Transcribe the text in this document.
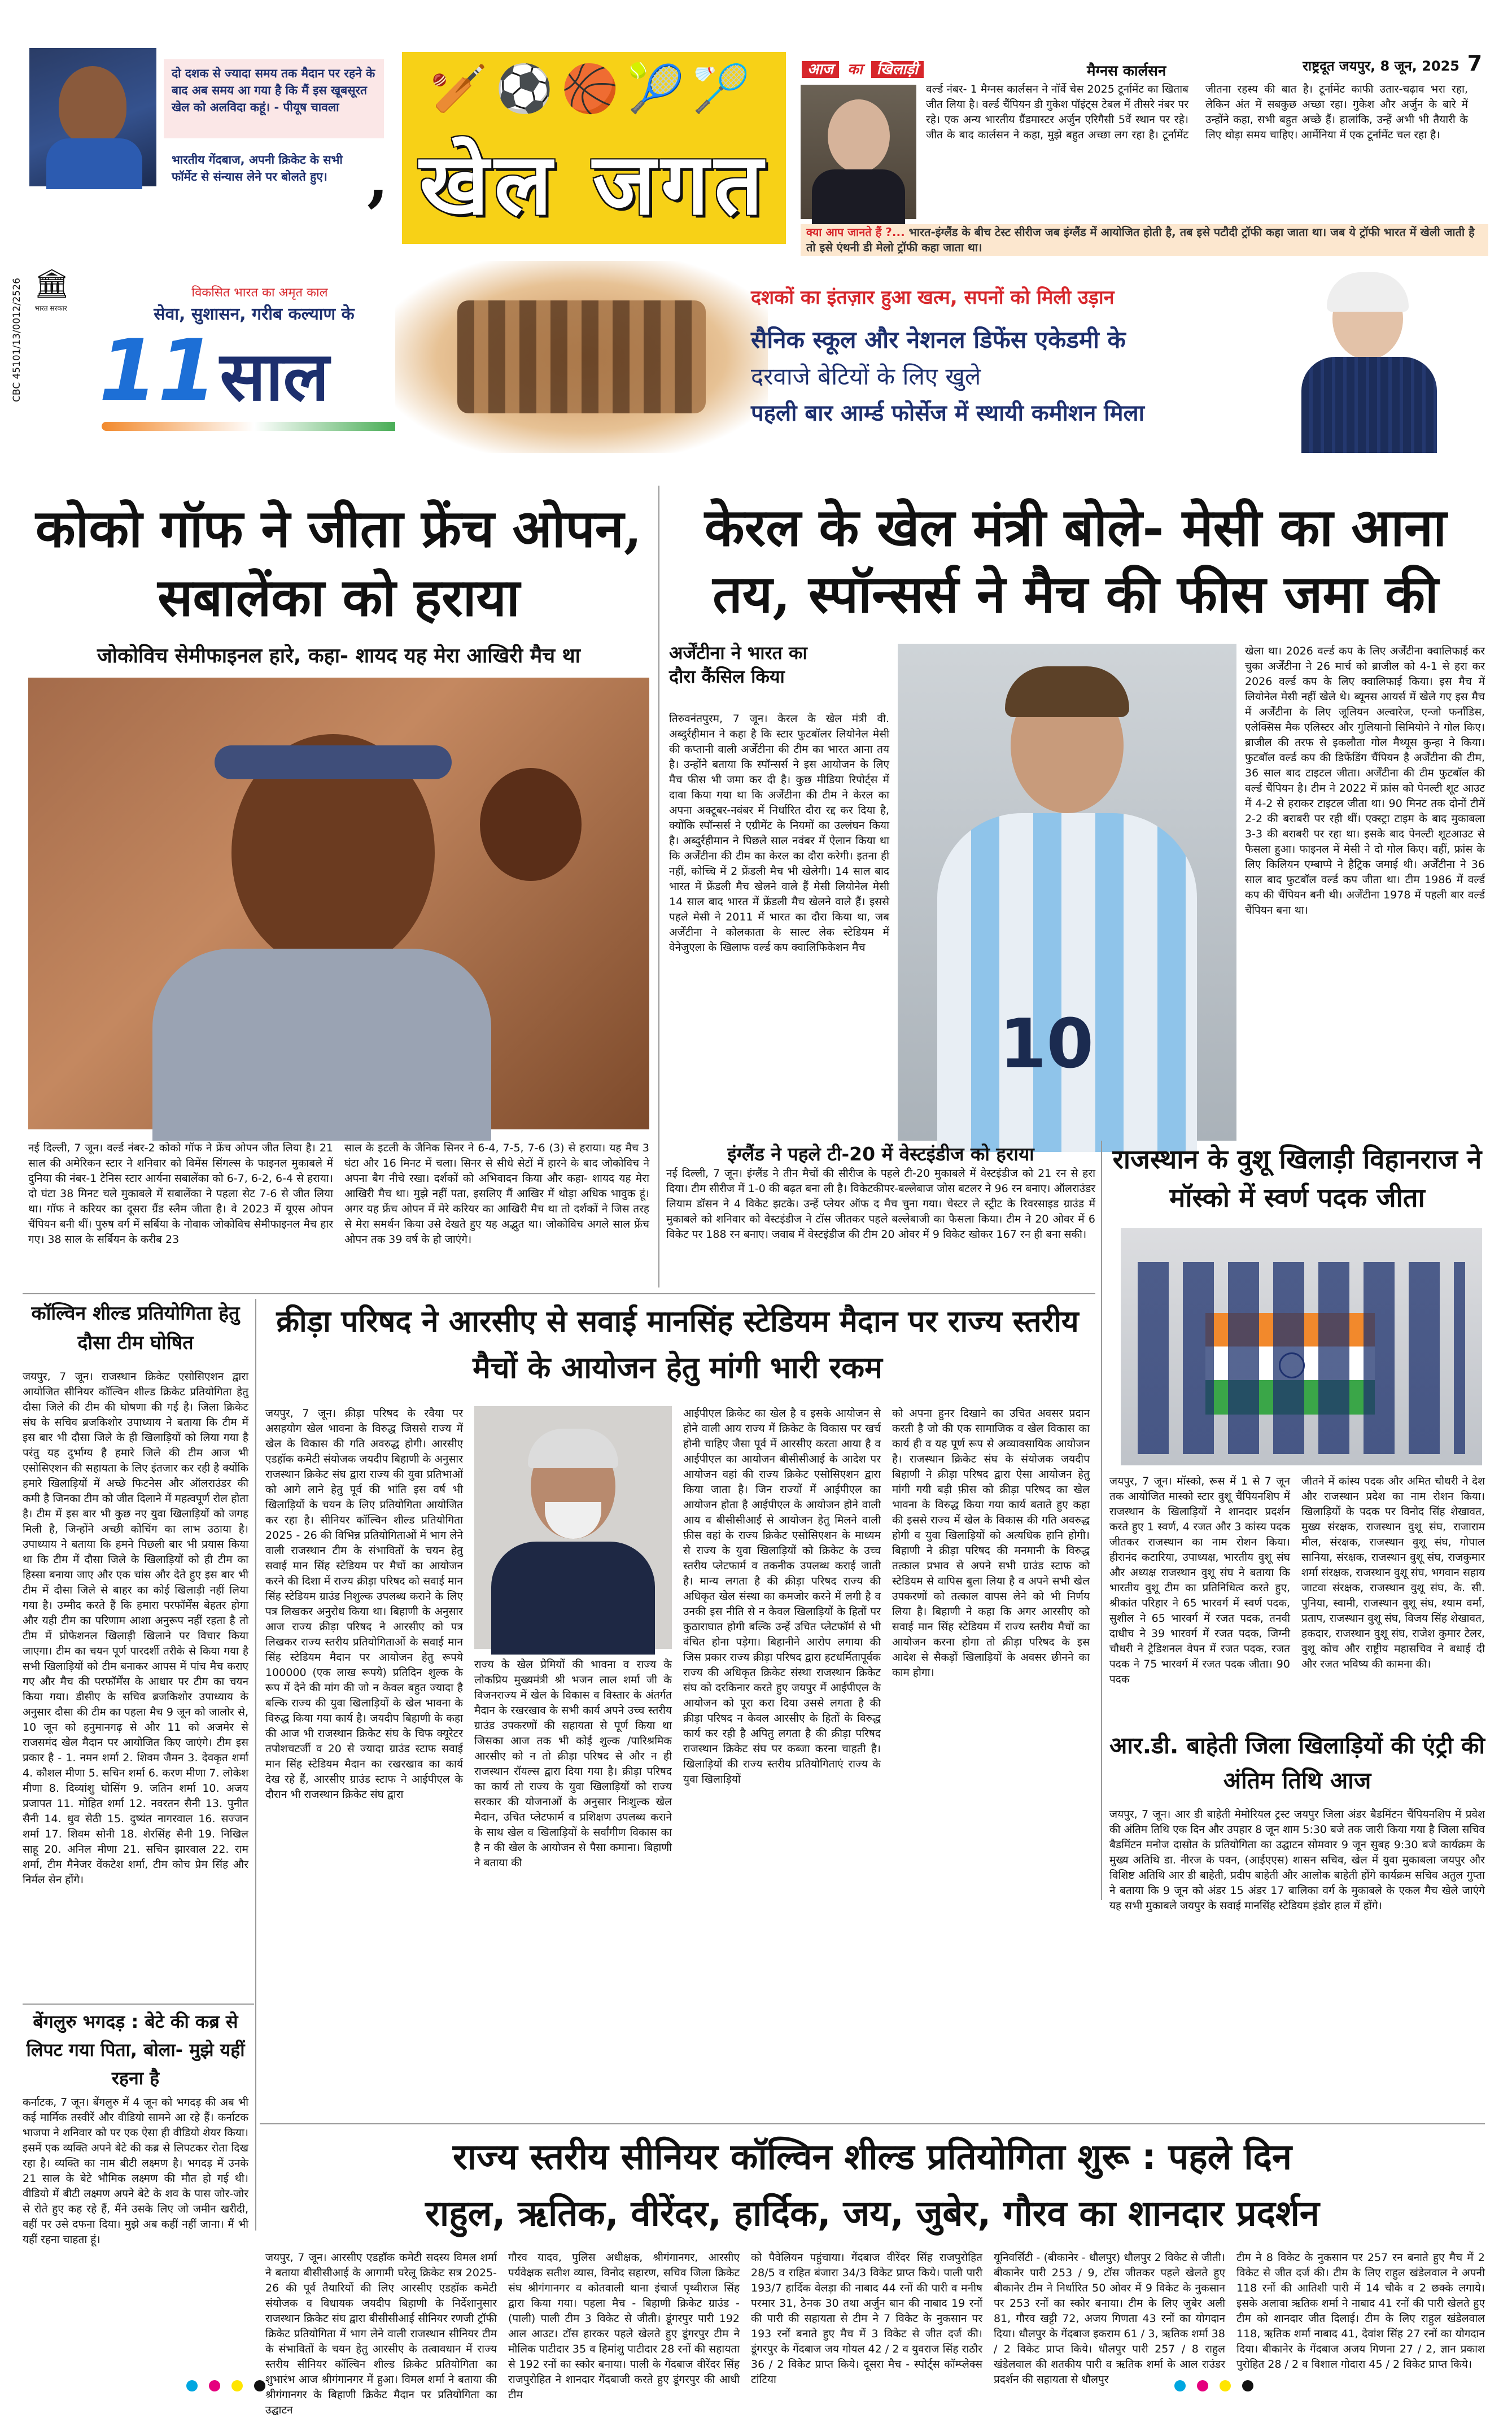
दो दशक से ज्यादा समय तक मैदान पर रहने के बाद अब समय आ गया है कि मैं इस खूबसूरत खेल को अलविदा कहूं। - पीयूष चावला
भारतीय गेंदबाज, अपनी क्रिकेट के सभी फॉर्मेट से संन्यास लेने पर बोलते हुए। ,
🏏⚽🏀🎾🏸
खेल जगत
आज का खिलाड़ी	मैग्नस कार्लसन
वर्ल्ड नंबर- 1 मैग्नस कार्लसन ने नॉर्वे चेस 2025 टूर्नामेंट का खिताब जीत लिया है। वर्ल्ड चैंपियन डी गुकेश पॉइंट्स टेबल में तीसरे नंबर पर रहे। एक अन्य भारतीय ग्रैंडमास्टर अर्जुन एरिगैसी 5वें स्थान पर रहे। जीत के बाद कार्लसन ने कहा, मुझे बहुत अच्छा लग रहा है। टूर्नामेंट जीतना रहस्य की बात है। टूर्नामेंट काफी उतार-चढ़ाव भरा रहा, लेकिन अंत में सबकुछ अच्छा रहा। गुकेश और अर्जुन के बारे में उन्होंने कहा, सभी बहुत अच्छे हैं। हालांकि, उन्हें अभी भी तैयारी के लिए थोड़ा समय चाहिए। आर्मेनिया में एक टूर्नामेंट चल रहा है।
राष्ट्रदूत जयपुर, 8 जून, 2025 7
क्या आप जानते हैं ?... भारत-इंग्लैंड के बीच टेस्ट सीरीज जब इंग्लैंड में आयोजित होती है, तब इसे पटौदी ट्रॉफी कहा जाता था। जब ये ट्रॉफी भारत में खेली जाती है तो इसे एंथनी डी मेलो ट्रॉफी कहा जाता था।
🏛
भारत सरकार
CBC 45101/13/0012/2526	विकसित भारत का अमृत काल
सेवा, सुशासन, गरीब कल्याण के
11 साल
दशकों का इंतज़ार हुआ खत्म, सपनों को मिली उड़ान
सैनिक स्कूल और नेशनल डिफेंस एकेडमी के
दरवाजे बेटियों के लिए खुले
पहली बार आर्म्ड फोर्सेज में स्थायी कमीशन मिला
कोको गॉफ ने जीता फ्रेंच ओपन, सबालेंका को हराया
जोकोविच सेमीफाइनल हारे, कहा- शायद यह मेरा आखिरी मैच था
नई दिल्ली, 7 जून। वर्ल्ड नंबर-2 कोको गॉफ ने फ्रेंच ओपन जीत लिया है। 21 साल की अमेरिकन स्टार ने शनिवार को विमेंस सिंगल्स के फाइनल मुकाबले में दुनिया की नंबर-1 टेनिस स्टार आर्यना सबालेंका को 6-7, 6-2, 6-4 से हराया। दो घंटा 38 मिनट चले मुकाबले में सबालेंका ने पहला सेट 7-6 से जीत लिया था। गॉफ ने करियर का दूसरा ग्रैंड स्लैम जीता है। वे 2023 में यूएस ओपन चैंपियन बनी थीं। पुरुष वर्ग में सर्बिया के नोवाक जोकोविच सेमीफाइनल मैच हार गए। 38 साल के सर्बियन के करीब 23
साल के इटली के जैनिक सिनर ने 6-4, 7-5, 7-6 (3) से हराया। यह मैच 3 घंटा और 16 मिनट में चला। सिनर से सीधे सेटों में हारने के बाद जोकोविच ने अपना बैग नीचे रखा। दर्शकों को अभिवादन किया और कहा- शायद यह मेरा आखिरी मैच था। मुझे नहीं पता, इसलिए मैं आखिर में थोड़ा अधिक भावुक हूं। अगर यह फ्रेंच ओपन में मेरे करियर का आखिरी मैच था तो दर्शकों ने जिस तरह से मेरा समर्थन किया उसे देखते हुए यह अद्भुत था। जोकोविच अगले साल फ्रेंच ओपन तक 39 वर्ष के हो जाएंगे।
केरल के खेल मंत्री बोले- मेसी का आना तय, स्पॉन्सर्स ने मैच की फीस जमा की
अर्जेंटीना ने भारत का दौरा कैंसिल किया
तिरुवनंतपुरम, 7 जून। केरल के खेल मंत्री वी. अब्दुर्रहीमान ने कहा है कि स्टार फुटबॉलर लियोनेल मेसी की कप्तानी वाली अर्जेंटीना की टीम का भारत आना तय है। उन्होंने बताया कि स्पॉन्सर्स ने इस आयोजन के लिए मैच फीस भी जमा कर दी है। कुछ मीडिया रिपोर्ट्स में दावा किया गया था कि अर्जेंटीना की टीम ने केरल का अपना अक्टूबर-नवंबर में निर्धारित दौरा रद्द कर दिया है, क्योंकि स्पॉन्सर्स ने एग्रीमेंट के नियमों का उल्लंघन किया है। अब्दुर्रहीमान ने पिछले साल नवंबर में ऐलान किया था कि अर्जेंटीना की टीम का केरल का दौरा करेगी। इतना ही नहीं, कोच्चि में 2 फ्रेंडली मैच भी खेलेगी। 14 साल बाद भारत में फ्रेंडली मैच खेलने वाले हैं मेसी लियोनेल मेसी 14 साल बाद भारत में फ्रेंडली मैच खेलने वाले हैं। इससे पहले मेसी ने 2011 में भारत का दौरा किया था, जब अर्जेंटीना ने कोलकाता के साल्ट लेक स्टेडियम में वेनेजुएला के खिलाफ वर्ल्ड कप क्वालिफिकेशन मैच
10
खेला था। 2026 वर्ल्ड कप के लिए अर्जेंटीना क्वालिफाई कर चुका अर्जेंटीना ने 26 मार्च को ब्राजील को 4-1 से हरा कर 2026 वर्ल्ड कप के लिए क्वालिफाई किया। इस मैच में लियोनेल मेसी नहीं खेले थे। ब्यूनस आयर्स में खेले गए इस मैच में अर्जेंटीना के लिए जूलियन अल्वारेज, एन्जो फर्नांडिस, एलेक्सिस मैक एलिस्टर और गुलियानो सिमियोने ने गोल किए। ब्राजील की तरफ से इकलौता गोल मैथ्यूस कुन्हा ने किया। फुटबॉल वर्ल्ड कप की डिफेंडिंग चैंपियन है अर्जेंटीना की टीम, 36 साल बाद टाइटल जीता। अर्जेंटीना की टीम फुटबॉल की वर्ल्ड चैंपियन है। टीम ने 2022 में फ्रांस को पेनल्टी शूट आउट में 4-2 से हराकर टाइटल जीता था। 90 मिनट तक दोनों टीमें 2-2 की बराबरी पर रही थीं। एक्स्ट्रा टाइम के बाद मुकाबला 3-3 की बराबरी पर रहा था। इसके बाद पेनल्टी शूटआउट से फैसला हुआ। फाइनल में मेसी ने दो गोल किए। वहीं, फ्रांस के लिए किलियन एम्बाप्पे ने हैट्रिक जमाई थी। अर्जेंटीना ने 36 साल बाद फुटबॉल वर्ल्ड कप जीता था। टीम 1986 में वर्ल्ड कप की चैंपियन बनी थी। अर्जेंटीना 1978 में पहली बार वर्ल्ड चैंपियन बना था।
इंग्लैंड ने पहले टी-20 में वेस्टइंडीज को हराया
नई दिल्ली, 7 जून। इंग्लैंड ने तीन मैचों की सीरीज के पहले टी-20 मुकाबले में वेस्टइंडीज को 21 रन से हरा दिया। टीम सीरीज में 1-0 की बढ़त बना ली है। विकेटकीपर-बल्लेबाज जोस बटलर ने 96 रन बनाए। ऑलराउंडर लियाम डॉसन ने 4 विकेट झटके। उन्हें प्लेयर ऑफ द मैच चुना गया। चेस्टर ले स्ट्रीट के रिवरसाइड ग्राउंड में मुकाबले को शनिवार को वेस्टइंडीज ने टॉस जीतकर पहले बल्लेबाजी का फैसला किया। टीम ने 20 ओवर में 6 विकेट पर 188 रन बनाए। जवाब में वेस्टइंडीज की टीम 20 ओवर में 9 विकेट खोकर 167 रन ही बना सकी।
राजस्थान के वुशू खिलाड़ी विहानराज ने मॉस्को में स्वर्ण पदक जीता
जयपुर, 7 जून। मॉस्को, रूस में 1 से 7 जून तक आयोजित मास्को स्टार वुशू चैंपियनशिप में राजस्थान के खिलाड़ियों ने शानदार प्रदर्शन करते हुए 1 स्वर्ण, 4 रजत और 3 कांस्य पदक जीतकर राजस्थान का नाम रोशन किया। हीरानंद कटारिया, उपाध्यक्ष, भारतीय वुशू संघ और अध्यक्ष राजस्थान वुशू संघ ने बताया कि भारतीय वुशू टीम का प्रतिनिधित्व करते हुए, श्रीकांत परिहार ने 65 भारवर्ग में स्वर्ण पदक, सुशील ने 65 भारवर्ग में रजत पदक, तनवी दाधीच ने 39 भारवर्ग में रजत पदक, जिग्नी चौधरी ने ट्रेडिशनल वेपन में रजत पदक, रजत पदक ने 75 भारवर्ग में रजत पदक जीता। 90 पदक
जीतने में कांस्य पदक और अमित चौधरी ने देश और राजस्थान प्रदेश का नाम रोशन किया। खिलाड़ियों के पदक पर विनोद सिंह शेखावत, मुख्य संरक्षक, राजस्थान वुशू संघ, राजाराम मील, संरक्षक, राजस्थान वुशू संघ, गोपाल सानिया, संरक्षक, राजस्थान वुशू संघ, राजकुमार शर्मा संरक्षक, राजस्थान वुशू संघ, भगवान सहाय जाटवा संरक्षक, राजस्थान वुशू संघ, के. सी. पुनिया, स्वामी, राजस्थान वुशू संघ, श्याम वर्मा, प्रताप, राजस्थान वुशू संघ, विजय सिंह शेखावत, हकदार, राजस्थान वुशू संघ, राजेश कुमार टेलर, वुशू कोच और राष्ट्रीय महासचिव ने बधाई दी और रजत भविष्य की कामना की।
आर.डी. बाहेती जिला खिलाड़ियों की एंट्री की अंतिम तिथि आज
जयपुर, 7 जून। आर डी बाहेती मेमोरियल ट्रस्ट जयपुर जिला अंडर बैडमिंटन चैंपियनशिप में प्रवेश की अंतिम तिथि एक दिन और उपहार 8 जून शाम 5:30 बजे तक जारी किया गया है जिला सचिव बैडमिंटन मनोज दासोत के प्रतियोगिता का उद्घाटन सोमवार 9 जून सुबह 9:30 बजे कार्यक्रम के मुख्य अतिथि डा. नीरज के पवन, (आईएएस) शासन सचिव, खेल में युवा मुकाबला जयपुर और विशिष्ट अतिथि आर डी बाहेती, प्रदीप बाहेती और आलोक बाहेती होंगे कार्यक्रम सचिव अतुल गुप्ता ने बताया कि 9 जून को अंडर 15 अंडर 17 बालिका वर्ग के मुकाबले के एकल मैच खेले जाएंगे यह सभी मुकाबले जयपुर के सवाई मानसिंह स्टेडियम इंडोर हाल में होंगे।
कॉल्विन शील्ड प्रतियोगिता हेतु दौसा टीम घोषित
जयपुर, 7 जून। राजस्थान क्रिकेट एसोसिएशन द्वारा आयोजित सीनियर कॉल्विन शील्ड क्रिकेट प्रतियोगिता हेतु दौसा जिले की टीम की घोषणा की गई है। जिला क्रिकेट संघ के सचिव ब्रजकिशोर उपाध्याय ने बताया कि टीम में इस बार भी दौसा जिले के ही खिलाड़ियों को लिया गया है परंतु यह दुर्भाग्य है हमारे जिले की टीम आज भी एसोसिएशन की सहायता के लिए इंतजार कर रही है क्योंकि हमारे खिलाड़ियों में अच्छे फिटनेस और ऑलराउंडर की कमी है जिनका टीम को जीत दिलाने में महत्वपूर्ण रोल होता है। टीम में इस बार भी कुछ नए युवा खिलाड़ियों को जगह मिली है, जिन्होंने अच्छी कोचिंग का लाभ उठाया है। उपाध्याय ने बताया कि हमने पिछली बार भी प्रयास किया था कि टीम में दौसा जिले के खिलाड़ियों को ही टीम का हिस्सा बनाया जाए और एक चांस और देते हुए इस बार भी टीम में दौसा जिले से बाहर का कोई खिलाड़ी नहीं लिया गया है। उम्मीद करते हैं कि हमारा परफॉर्मेंस बेहतर होगा और यही टीम का परिणाम आशा अनुरूप नहीं रहता है तो टीम में प्रोफेशनल खिलाड़ी खिलाने पर विचार किया जाएगा। टीम का चयन पूर्ण पारदर्शी तरीके से किया गया है सभी खिलाड़ियों को टीम बनाकर आपस में पांच मैच कराए गए और मैच की परफॉर्मेंस के आधार पर टीम का चयन किया गया। डीसीए के सचिव ब्रजकिशोर उपाध्याय के अनुसार दौसा की टीम का पहला मैच 9 जून को जालोर से, 10 जून को हनुमानगढ़ से और 11 को अजमेर से राजसमंद खेल मैदान पर आयोजित किए जाएंगे। टीम इस प्रकार है - 1. नमन शर्मा 2. शिवम जैमन 3. देवकृत शर्मा 4. कौशल मीणा 5. सचिन शर्मा 6. करण मीणा 7. लोकेश मीणा 8. दिव्यांशु घोसिंग 9. जतिन शर्मा 10. अजय प्रजापत 11. मोहित शर्मा 12. नवरतन सैनी 13. पुनीत सैनी 14. धुव सेठी 15. दुष्यंत नागरवाल 16. सज्जन शर्मा 17. शिवम सोनी 18. शेरसिंह सैनी 19. निखिल साहू 20. अनिल मीणा 21. सचिन झारवाल 22. राम शर्मा, टीम मैनेजर वेंकटेश शर्मा, टीम कोच प्रेम सिंह और निर्मल सेन होंगे।
बेंगलुरु भगदड़ : बेटे की कब्र से लिपट गया पिता, बोला- मुझे यहीं रहना है
कर्नाटक, 7 जून। बेंगलुरु में 4 जून को भगदड़ की अब भी कई मार्मिक तस्वीरें और वीडियो सामने आ रहे हैं। कर्नाटक भाजपा ने शनिवार को पर एक ऐसा ही वीडियो शेयर किया। इसमें एक व्यक्ति अपने बेटे की कब्र से लिपटकर रोता दिख रहा है। व्यक्ति का नाम बीटी लक्ष्मण है। भगदड़ में उनके 21 साल के बेटे भौमिक लक्ष्मण की मौत हो गई थी। वीडियो में बीटी लक्ष्मण अपने बेटे के शव के पास जोर-जोर से रोते हुए कह रहे हैं, मैंने उसके लिए जो जमीन खरीदी, वहीं पर उसे दफना दिया। मुझे अब कहीं नहीं जाना। मैं भी यहीं रहना चाहता हूं।
क्रीड़ा परिषद ने आरसीए से सवाई मानसिंह स्टेडियम मैदान पर राज्य स्तरीय मैचों के आयोजन हेतु मांगी भारी रकम
जयपुर, 7 जून। क्रीड़ा परिषद के रवैया पर असहयोग खेल भावना के विरुद्ध जिससे राज्य में खेल के विकास की गति अवरुद्ध होगी। आरसीए एडहॉक कमेटी संयोजक जयदीप बिहाणी के अनुसार राजस्थान क्रिकेट संघ द्वारा राज्य की युवा प्रतिभाओं को आगे लाने हेतु पूर्व की भांति इस वर्ष भी खिलाड़ियों के चयन के लिए प्रतियोगिता आयोजित कर रहा है। सीनियर कॉल्विन शील्ड प्रतियोगिता 2025 - 26 की विभिन्न प्रतियोगिताओं में भाग लेने वाली राजस्थान टीम के संभावितों के चयन हेतु सवाई मान सिंह स्टेडियम पर मैचों का आयोजन करने की दिशा में राज्य क्रीड़ा परिषद को सवाई मान सिंह स्टेडियम ग्राउंड निशुल्क उपलब्ध कराने के लिए पत्र लिखकर अनुरोध किया था। बिहाणी के अनुसार आज राज्य क्रीड़ा परिषद ने आरसीए को पत्र लिखकर राज्य स्तरीय प्रतियोगिताओं के सवाई मान सिंह स्टेडियम मैदान पर आयोजन हेतु रूपये 100000 (एक लाख रूपये) प्रतिदिन शुल्क के रूप में देने की मांग की जो न केवल बहुत ज्यादा है बल्कि राज्य की युवा खिलाड़ियों के खेल भावना के विरुद्ध किया गया कार्य है। जयदीप बिहाणी के कहा की आज भी राजस्थान क्रिकेट संघ के चिफ क्यूरेटर तपोशचटर्जी व 20 से ज्यादा ग्राउंड स्टाफ सवाई मान सिंह स्टेडियम मैदान का रखरखाव का कार्य देख रहे हैं, आरसीए ग्राउंड स्टाफ ने आईपीएल के दौरान भी राजस्थान क्रिकेट संघ द्वारा
राज्य के खेल प्रेमियों की भावना व राज्य के लोकप्रिय मुख्यमंत्री श्री भजन लाल शर्मा जी के विजनराज्य में खेल के विकास व विस्तार के अंतर्गत मैदान के रखरखाव के सभी कार्य अपने उच्च स्तरीय ग्राउंड उपकरणों की सहायता से पूर्ण किया था जिसका आज तक भी कोई शुल्क /पारिश्रमिक आरसीए को न तो क्रीड़ा परिषद से और न ही राजस्थान रॉयल्स द्वारा दिया गया है। क्रीड़ा परिषद का कार्य तो राज्य के युवा खिलाड़ियों को राज्य सरकार की योजनाओं के अनुसार निःशुल्क खेल मैदान, उचित प्लेटफार्म व प्रशिक्षण उपलब्ध कराने के साथ खेल व खिलाड़ियों के सर्वांगीण विकास का है न की खेल के आयोजन से पैसा कमाना। बिहाणी ने बताया की
आईपीएल क्रिकेट का खेल है व इसके आयोजन से होने वाली आय राज्य में क्रिकेट के विकास पर खर्च होनी चाहिए जैसा पूर्व में आरसीए करता आया है व आईपीएल का आयोजन बीसीसीआई के आदेश पर आयोजन वहां की राज्य क्रिकेट एसोसिएशन द्वारा किया जाता है। जिन राज्यों में आईपीएल का आयोजन होता है आईपीएल के आयोजन होने वाली आय व बीसीसीआई से आयोजन हेतु मिलने वाली फ़ीस वहां के राज्य क्रिकेट एसोसिएशन के माध्यम से राज्य के युवा खिलाड़ियों को क्रिकेट के उच्च स्तरीय प्लेटफार्म व तकनीक उपलब्ध कराई जाती है। मान्य लगता है की क्रीड़ा परिषद राज्य की अधिकृत खेल संस्था का कमजोर करने में लगी है व उनकी इस नीति से न केवल खिलाड़ियों के हितों पर कुठाराघात होगी बल्कि उन्हें उचित प्लेटफॉर्म से भी वंचित होना पड़ेगा। बिहानीने आरोप लगाया की जिस प्रकार राज्य क्रीड़ा परिषद द्वारा हटधर्मितापूर्वक राज्य की अधिकृत क्रिकेट संस्था राजस्थान क्रिकेट संघ को दरकिनार करते हुए जयपुर में आईपीएल के आयोजन को पूरा करा दिया उससे लगता है की क्रीड़ा परिषद न केवल आरसीए के हितों के विरुद्ध कार्य कर रही है अपितु लगता है की क्रीड़ा परिषद राजस्थान क्रिकेट संघ पर कब्जा करना चाहती है। खिलाड़ियों की राज्य स्तरीय प्रतियोगिताएं राज्य के युवा खिलाड़ियों
को अपना हुनर दिखाने का उचित अवसर प्रदान करती है जो की एक सामाजिक व खेल विकास का कार्य ही व यह पूर्ण रूप से अव्यावसायिक आयोजन है। राजस्थान क्रिकेट संघ के संयोजक जयदीप बिहाणी ने क्रीड़ा परिषद द्वारा ऐसा आयोजन हेतु मांगी गयी बड़ी फ़ीस को क्रीड़ा परिषद का खेल भावना के विरुद्ध किया गया कार्य बताते हुए कहा की इससे राज्य में खेल के विकास की गति अवरुद्ध होगी व युवा खिलाड़ियों को अत्यधिक हानि होगी। बिहाणी ने क्रीड़ा परिषद की मनमानी के विरुद्ध तत्काल प्रभाव से अपने सभी ग्राउंड स्टाफ को स्टेडियम से वापिस बुला लिया है व अपने सभी खेल उपकरणों को तत्काल वापस लेने को भी निर्णय लिया है। बिहाणी ने कहा कि अगर आरसीए को सवाई मान सिंह स्टेडियम में राज्य स्तरीय मैचों का आयोजन करना होगा तो क्रीड़ा परिषद के इस आदेश से सैकड़ों खिलाड़ियों के अवसर छीनने का काम होगा।
राज्य स्तरीय सीनियर कॉल्विन शील्ड प्रतियोगिता शुरू : पहले दिन
राहुल, ऋतिक, वीरेंदर, हार्दिक, जय, जुबेर, गौरव का शानदार प्रदर्शन
जयपुर, 7 जून। आरसीए एडहॉक कमेटी सदस्य विमल शर्मा ने बताया बीसीसीआई के आगामी घरेलू क्रिकेट सत्र 2025-26 की पूर्व तैयारियों की लिए आरसीए एडहॉक कमेटी संयोजक व विधायक जयदीप बिहाणी के निर्देशानुसार राजस्थान क्रिकेट संघ द्वारा बीसीसीआई सीनियर रणजी ट्रॉफी क्रिकेट प्रतियोगिता में भाग लेने वाली राजस्थान सीनियर टीम के संभावितों के चयन हेतु आरसीए के तत्वावधान में राज्य स्तरीय सीनियर कॉल्विन शील्ड क्रिकेट प्रतियोगिता का शुभारंभ आज श्रीगंगानगर में हुआ। विमल शर्मा ने बताया की श्रीगंगानगर के बिहाणी क्रिकेट मैदान पर प्रतियोगिता का उद्घाटन
गौरव यादव, पुलिस अधीक्षक, श्रीगंगानगर, आरसीए पर्यवेक्षक सतीश व्यास, विनोद सहारण, सचिव जिला क्रिकेट संघ श्रीगंगानगर व कोतवाली थाना इंचार्ज पृथ्वीराज सिंह द्वारा किया गया। पहला मैच - बिहाणी क्रिकेट ग्राउंड - (पाली) पाली टीम 3 विकेट से जीती। डूंगरपुर पारी 192 आल आउट। टॉस हारकर पहले खेलते हुए डूंगरपुर टीम ने मौलिक पाटीदार 35 व हिमांशु पाटीदार 28 रनों की सहायता से 192 रनों का स्कोर बनाया। पाली के गेंदबाज वीरेंदर सिंह राजपुरोहित ने शानदार गेंदबाजी करते हुए डूंगरपुर की आधी टीम
को पैवेलियन पहुंचाया। गेंदबाज वीरेंदर सिंह राजपुरोहित 28/5 व राहित बंजारा 34/3 विकेट प्राप्त किये। पाली पारी 193/7 हार्दिक वेलड़ा की नाबाद 44 रनों की पारी व मनीष परमार 31, ठेनक 30 तथा अर्जुन बान की नाबाद 19 रनों की पारी की सहायता से टीम ने 7 विकेट के नुकसान पर 193 रनों बनाते हुए मैच में 3 विकेट से जीत दर्ज की। डूंगरपुर के गेंदबाज जय गोयल 42 / 2 व युवराज सिंह राठौर 36 / 2 विकेट प्राप्त किये। दूसरा मैच - स्पोर्ट्स कॉम्प्लेक्स टांटिया
यूनिवर्सिटी - (बीकानेर - धौलपुर) धौलपुर 2 विकेट से जीती। बीकानेर पारी 253 / 9, टॉस जीतकर पहले खेलते हुए बीकानेर टीम ने निर्धारित 50 ओवर में 9 विकेट के नुकसान पर 253 रनों का स्कोर बनाया। टीम के लिए जुबेर अली 81, गौरव खट्टी 72, अजय गिणता 43 रनों का योगदान दिया। धौलपुर के गेंदबाज इकराम 61 / 3, ऋतिक शर्मा 38 / 2 विकेट प्राप्त किये। धौलपुर पारी 257 / 8 राहुल खंडेलवाल की शतकीय पारी व ऋतिक शर्मा के आल राउंडर प्रदर्शन की सहायता से धौलपुर
टीम ने 8 विकेट के नुकसान पर 257 रन बनाते हुए मैच में 2 विकेट से जीत दर्ज की। टीम के लिए राहुल खंडेलवाल ने अपनी 118 रनों की आतिशी पारी में 14 चौके व 2 छक्के लगाये। इसके अलावा ऋतिक शर्मा ने नाबाद 41 रनों की पारी खेलते हुए टीम को शानदार जीत दिलाई। टीम के लिए राहुल खंडेलवाल 118, ऋतिक शर्मा नाबाद 41, देवांश सिंह 27 रनों का योगदान दिया। बीकानेर के गेंदबाज अजय गिणना 27 / 2, ज्ञान प्रकाश पुरोहित 28 / 2 व विशाल गोदारा 45 / 2 विकेट प्राप्त किये।
